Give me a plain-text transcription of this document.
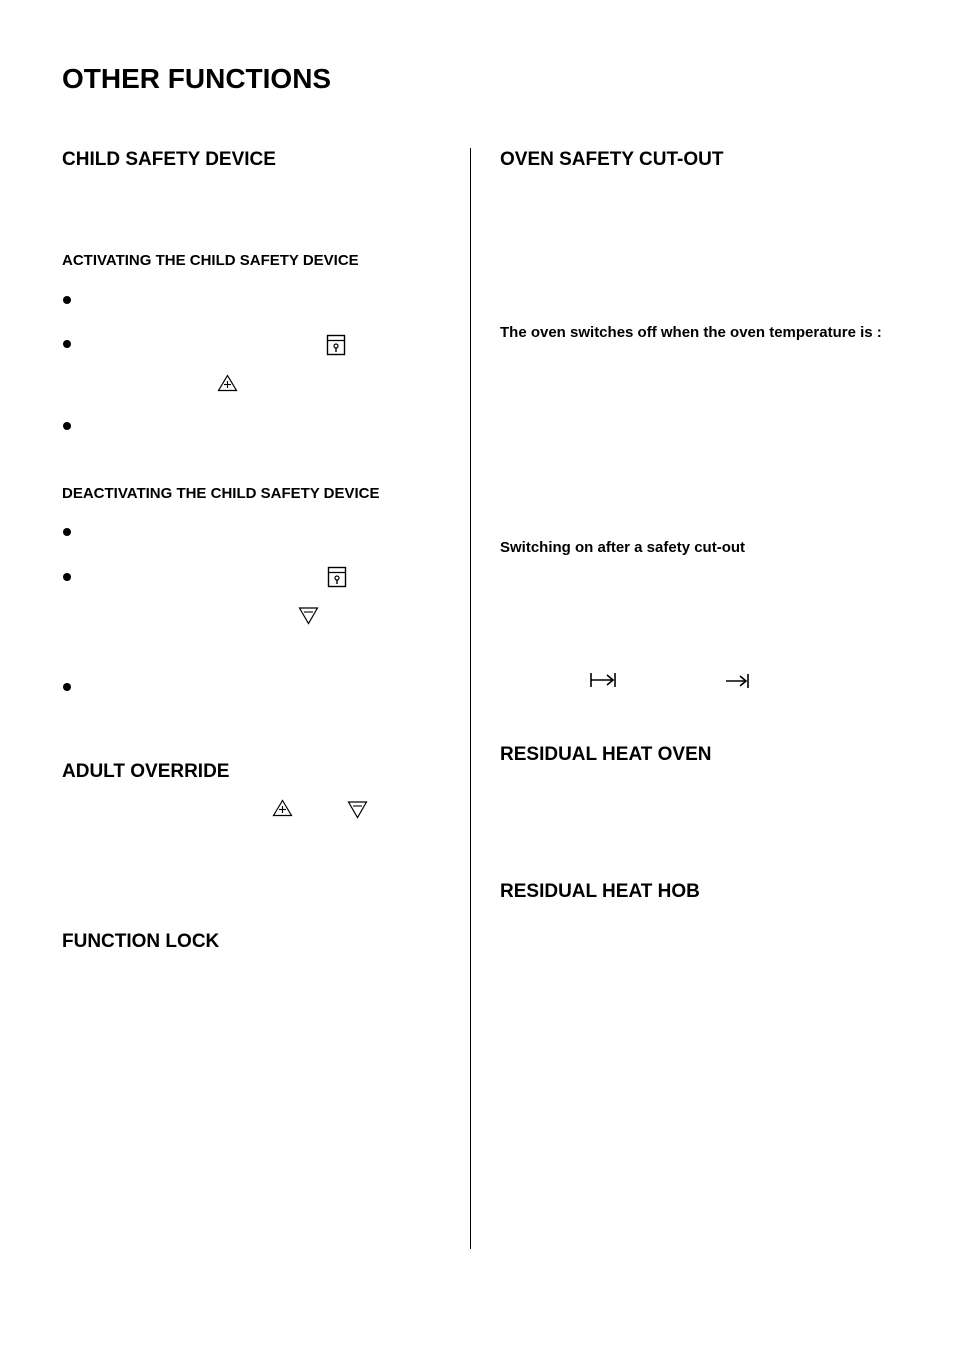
OTHER FUNCTIONS
CHILD SAFETY DEVICE
ACTIVATING THE CHILD SAFETY DEVICE
DEACTIVATING THE CHILD SAFETY DEVICE
ADULT OVERRIDE
FUNCTION LOCK
OVEN SAFETY CUT-OUT
The oven switches off when the oven temperature is :
Switching on after a safety cut-out
RESIDUAL HEAT OVEN
RESIDUAL HEAT HOB
